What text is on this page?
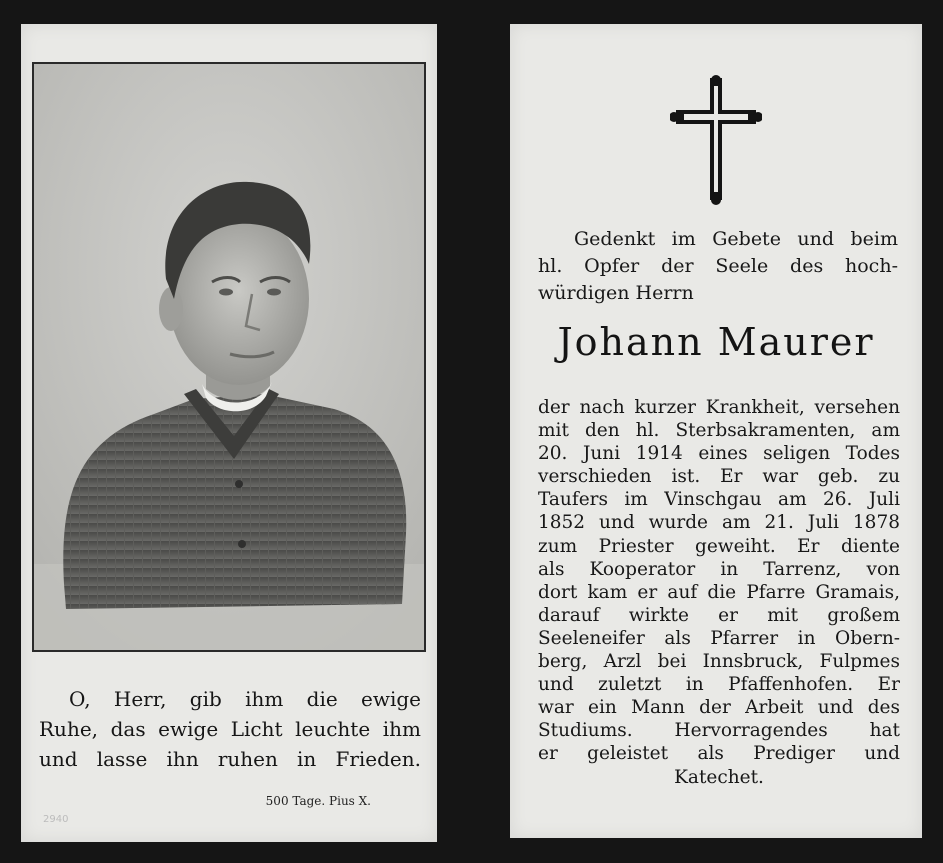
O, Herr, gib ihm die ewige

Ruhe, das ewige Licht leuchte ihm

und lasse ihn ruhen in Frieden.

500 Tage. Pius X.
2940
Gedenkt im Gebete und beim
hl. Opfer der Seele des hoch-
würdigen Herrn
Johann Maurer
der nach kurzer Krankheit, versehen
mit den hl. Sterbsakramenten, am
20. Juni 1914 eines seligen Todes
verschieden ist. Er war geb. zu
Taufers im Vinschgau am 26. Juli
1852 und wurde am 21. Juli 1878
zum Priester geweiht. Er diente
als Kooperator in Tarrenz, von
dort kam er auf die Pfarre Gramais,
darauf wirkte er mit großem
Seeleneifer als Pfarrer in Obern-
berg, Arzl bei Innsbruck, Fulpmes
und zuletzt in Pfaffenhofen. Er
war ein Mann der Arbeit und des
Studiums. Hervorragendes hat
er geleistet als Prediger und
Katechet.
